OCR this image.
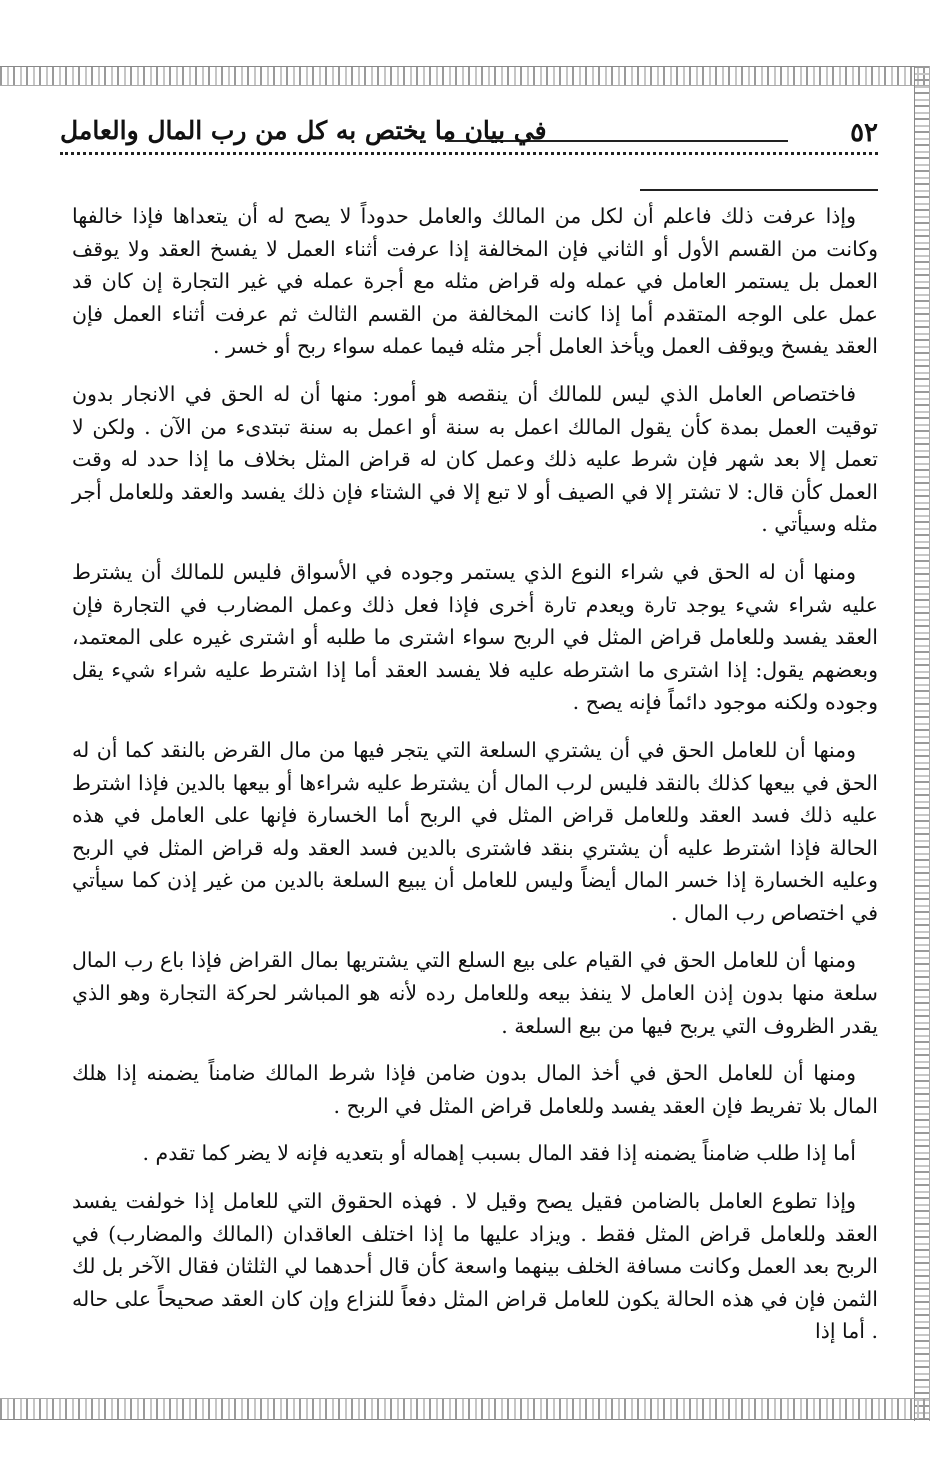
٥٢
في بيان ما يختص به كل من رب المال والعامل

وإذا عرفت ذلك فاعلم أن لكل من المالك والعامل حدوداً لا يصح له أن يتعداها فإذا خالفها وكانت من القسم الأول أو الثاني فإن المخالفة إذا عرفت أثناء العمل لا يفسخ العقد ولا يوقف العمل بل يستمر العامل في عمله وله قراض مثله مع أجرة عمله في غير التجارة إن كان قد عمل على الوجه المتقدم أما إذا كانت المخالفة من القسم الثالث ثم عرفت أثناء العمل فإن العقد يفسخ ويوقف العمل ويأخذ العامل أجر مثله فيما عمله سواء ربح أو خسر .

فاختصاص العامل الذي ليس للمالك أن ينقصه هو أمور: منها أن له الحق في الانجار بدون توقيت العمل بمدة كأن يقول المالك اعمل به سنة أو اعمل به سنة تبتدىء من الآن . ولكن لا تعمل إلا بعد شهر فإن شرط عليه ذلك وعمل كان له قراض المثل بخلاف ما إذا حدد له وقت العمل كأن قال: لا تشتر إلا في الصيف أو لا تبع إلا في الشتاء فإن ذلك يفسد والعقد وللعامل أجر مثله وسيأتي .

ومنها أن له الحق في شراء النوع الذي يستمر وجوده في الأسواق فليس للمالك أن يشترط عليه شراء شيء يوجد تارة ويعدم تارة أخرى فإذا فعل ذلك وعمل المضارب في التجارة فإن العقد يفسد وللعامل قراض المثل في الربح سواء اشترى ما طلبه أو اشترى غيره على المعتمد، وبعضهم يقول: إذا اشترى ما اشترطه عليه فلا يفسد العقد أما إذا اشترط عليه شراء شيء يقل وجوده ولكنه موجود دائماً فإنه يصح .

ومنها أن للعامل الحق في أن يشتري السلعة التي يتجر فيها من مال القرض بالنقد كما أن له الحق في بيعها كذلك بالنقد فليس لرب المال أن يشترط عليه شراءها أو بيعها بالدين فإذا اشترط عليه ذلك فسد العقد وللعامل قراض المثل في الربح أما الخسارة فإنها على العامل في هذه الحالة فإذا اشترط عليه أن يشتري بنقد فاشترى بالدين فسد العقد وله قراض المثل في الربح وعليه الخسارة إذا خسر المال أيضاً وليس للعامل أن يبيع السلعة بالدين من غير إذن كما سيأتي في اختصاص رب المال .

ومنها أن للعامل الحق في القيام على بيع السلع التي يشتريها بمال القراض فإذا باع رب المال سلعة منها بدون إذن العامل لا ينفذ بيعه وللعامل رده لأنه هو المباشر لحركة التجارة وهو الذي يقدر الظروف التي يربح فيها من بيع السلعة .

ومنها أن للعامل الحق في أخذ المال بدون ضامن فإذا شرط المالك ضامناً يضمنه إذا هلك المال بلا تفريط فإن العقد يفسد وللعامل قراض المثل في الربح .

أما إذا طلب ضامناً يضمنه إذا فقد المال بسبب إهماله أو بتعديه فإنه لا يضر كما تقدم .

وإذا تطوع العامل بالضامن فقيل يصح وقيل لا . فهذه الحقوق التي للعامل إذا خولفت يفسد العقد وللعامل قراض المثل فقط . ويزاد عليها ما إذا اختلف العاقدان (المالك والمضارب) في الربح بعد العمل وكانت مسافة الخلف بينهما واسعة كأن قال أحدهما لي الثلثان فقال الآخر بل لك الثمن فإن في هذه الحالة يكون للعامل قراض المثل دفعاً للنزاع وإن كان العقد صحيحاً على حاله . أما إذا
